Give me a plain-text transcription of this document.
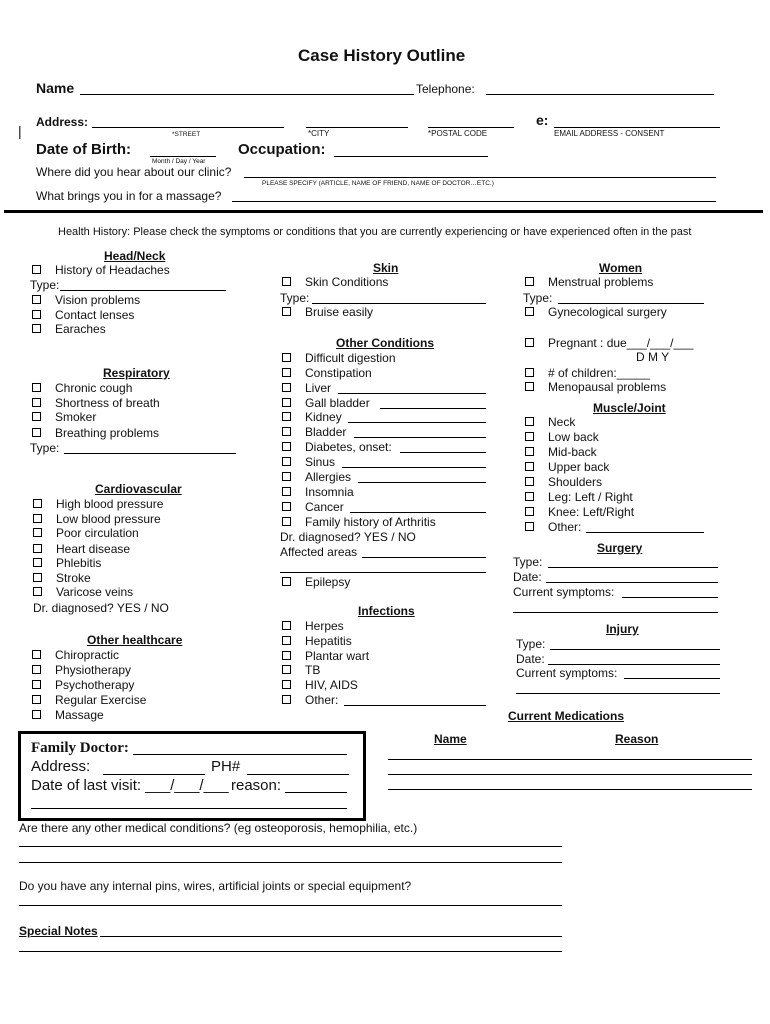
Case History Outline
Name	Telephone:
Address:	e:
|	*STREET	*CITY	*POSTAL CODE	EMAIL ADDRESS - CONSENT
Date of Birth:
Month / Day / Year
Occupation:
Where did you hear about our clinic?
PLEASE SPECIFY (ARTICLE, NAME OF FRIEND, NAME OF DOCTOR…ETC.)
What brings you in for a massage?
Health History: Please check the symptoms or conditions that you are currently experiencing or have experienced often in the past
Head/Neck
History of Headaches
Type:
Vision problems
Contact lenses
Earaches
Respiratory
Chronic cough
Shortness of breath
Smoker
Breathing problems
Type:
Cardiovascular
High blood pressure
Low blood pressure
Poor circulation
Heart disease
Phlebitis
Stroke
Varicose veins
Dr. diagnosed? YES / NO
Other healthcare
Chiropractic
Physiotherapy
Psychotherapy
Regular Exercise
Massage
Skin
Skin Conditions
Type:
Bruise easily
Other Conditions
Difficult digestion
Constipation
Liver
Gall bladder
Kidney
Bladder
Diabetes, onset:
Sinus
Allergies
Insomnia
Cancer
Family history of Arthritis
Dr. diagnosed? YES / NO
Affected areas
Epilepsy
Infections
Herpes
Hepatitis
Plantar wart
TB
HIV, AIDS
Other:
Women
Menstrual problems
Type:
Gynecological surgery
Pregnant : due___/___/___
D M Y
# of children:_____
Menopausal problems
Muscle/Joint
Neck
Low back
Mid-back
Upper back
Shoulders
Leg: Left / Right
Knee: Left/Right
Other:
Surgery
Type:
Date:
Current symptoms:
Injury
Type:
Date:
Current symptoms:
Current Medications
Name	Reason
Family Doctor:
Address:	PH#
Date of last visit: ___/___/___ reason:
Are there any other medical conditions? (eg osteoporosis, hemophilia, etc.)
Do you have any internal pins, wires, artificial joints or special equipment?
Special Notes
